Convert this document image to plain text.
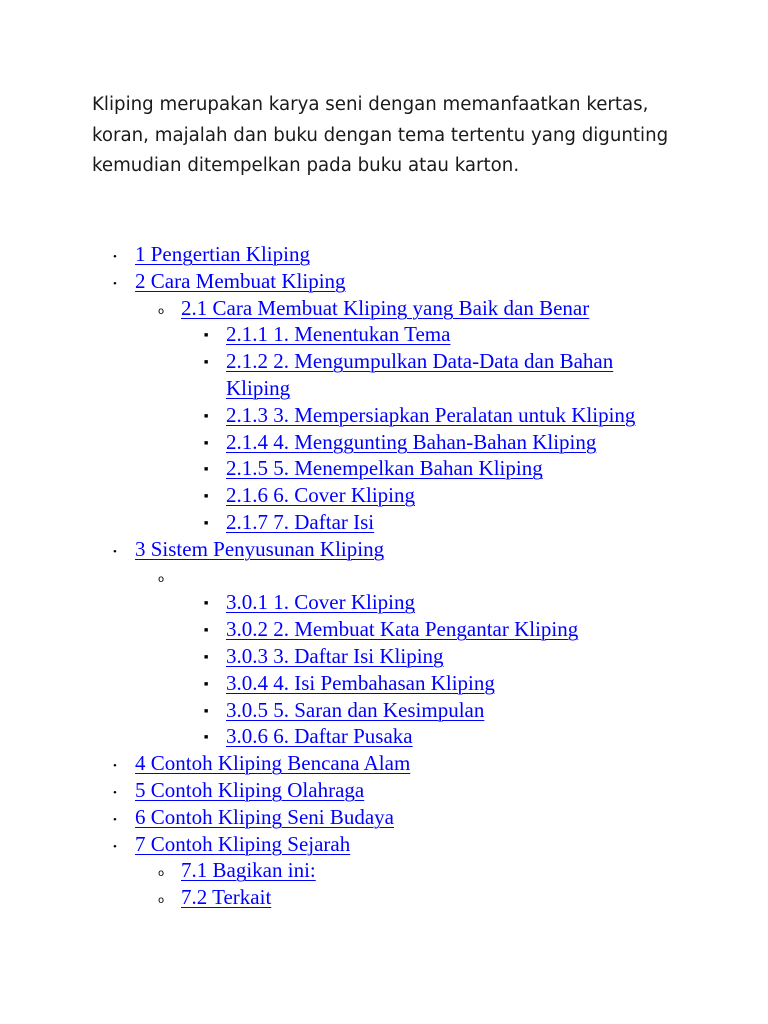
Kliping merupakan karya seni dengan memanfaatkan kertas, koran, majalah dan buku dengan tema tertentu yang digunting kemudian ditempelkan pada buku atau karton.

• 1 Pengertian Kliping
• 2 Cara Membuat Kliping
o 2.1 Cara Membuat Kliping yang Baik dan Benar
■ 2.1.1 1. Menentukan Tema
■ 2.1.2 2. Mengumpulkan Data-Data dan Bahan Kliping
■ 2.1.3 3. Mempersiapkan Peralatan untuk Kliping
■ 2.1.4 4. Menggunting Bahan-Bahan Kliping
■ 2.1.5 5. Menempelkan Bahan Kliping
■ 2.1.6 6. Cover Kliping
■ 2.1.7 7. Daftar Isi
• 3 Sistem Penyusunan Kliping
o
■ 3.0.1 1. Cover Kliping
■ 3.0.2 2. Membuat Kata Pengantar Kliping
■ 3.0.3 3. Daftar Isi Kliping
■ 3.0.4 4. Isi Pembahasan Kliping
■ 3.0.5 5. Saran dan Kesimpulan
■ 3.0.6 6. Daftar Pusaka
• 4 Contoh Kliping Bencana Alam
• 5 Contoh Kliping Olahraga
• 6 Contoh Kliping Seni Budaya
• 7 Contoh Kliping Sejarah
o 7.1 Bagikan ini:
o 7.2 Terkait
